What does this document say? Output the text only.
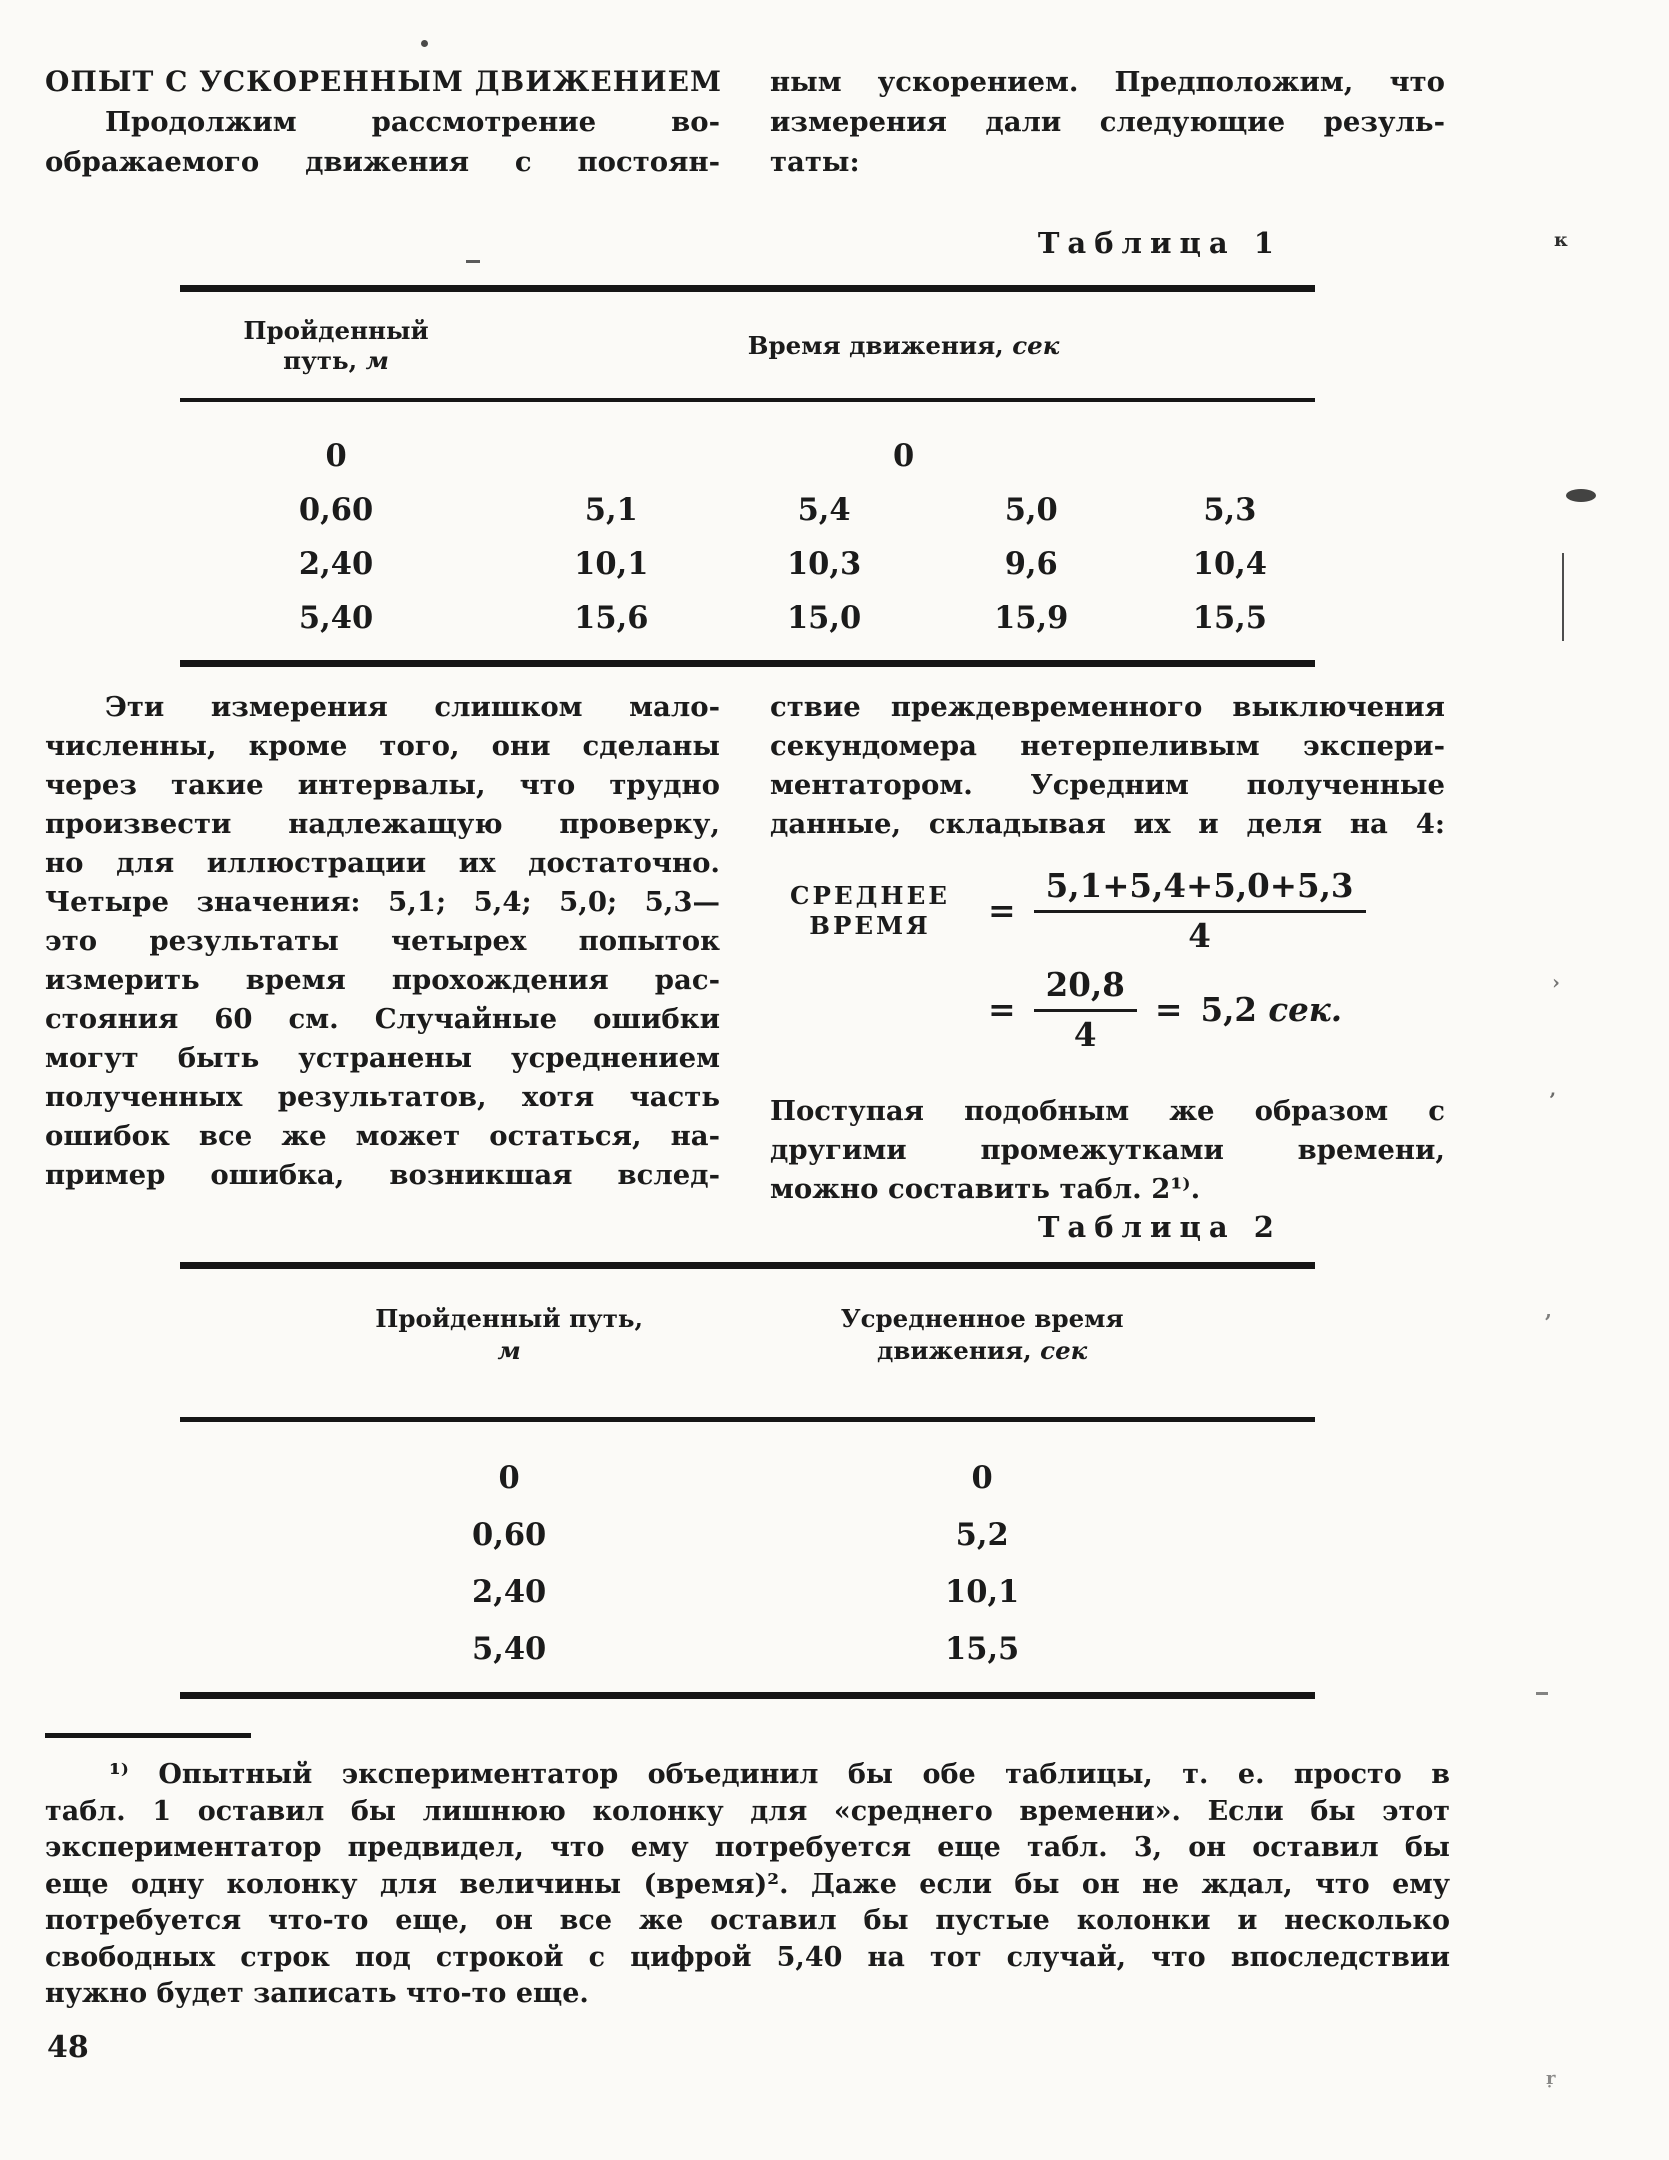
ОПЫТ С УСКОРЕННЫМ ДВИЖЕНИЕМ
Продолжим рассмотрение во-
ображаемого движения с постоян-
ным ускорением. Предположим, что
измерения дали следующие резуль-
таты:
Таблица 1
Пройденный
путь, м	Время движения, сек			
0	0			
0,60	5,1	5,4	5,0	5,3
2,40	10,1	10,3	9,6	10,4
5,40	15,6	15,0	15,9	15,5
Эти измерения слишком мало-
численны, кроме того, они сделаны
через такие интервалы, что трудно
произвести надлежащую проверку,
но для иллюстрации их достаточно.
Четыре значения: 5,1; 5,4; 5,0; 5,3—
это результаты четырех попыток
измерить время прохождения рас-
стояния 60 см. Случайные ошибки
могут быть устранены усреднением
полученных результатов, хотя часть
ошибок все же может остаться, на-
пример ошибка, возникшая вслед-
ствие преждевременного выключения
секундомера нетерпеливым экспери-
ментатором. Усредним полученные
данные, складывая их и деля на 4:
СРЕДНЕЕ
ВРЕМЯ	= $\frac{5,1+5,4+5,0+5,3}{4}$
= $\frac{20,8}{4} = 5,2$ сек.
Поступая подобным же образом с
другими промежутками времени,
можно составить табл. 2¹⁾.
Таблица 2
Пройденный путь,
м

Усредненное время
движения, сек

0	0
0,60	5,2
2,40	10,1
5,40	15,5
¹⁾ Опытный экспериментатор объединил бы обе таблицы, т. е. просто в
табл. 1 оставил бы лишнюю колонку для «среднего времени». Если бы этот
экспериментатор предвидел, что ему потребуется еще табл. 3, он оставил бы
еще одну колонку для величины (время)². Даже если бы он не ждал, что ему
потребуется что-то еще, он все же оставил бы пустые колонки и несколько
свободных строк под строкой с цифрой 5,40 на тот случай, что впоследствии
нужно будет записать что-то еще.
48
к
›
’
,
ṛ
